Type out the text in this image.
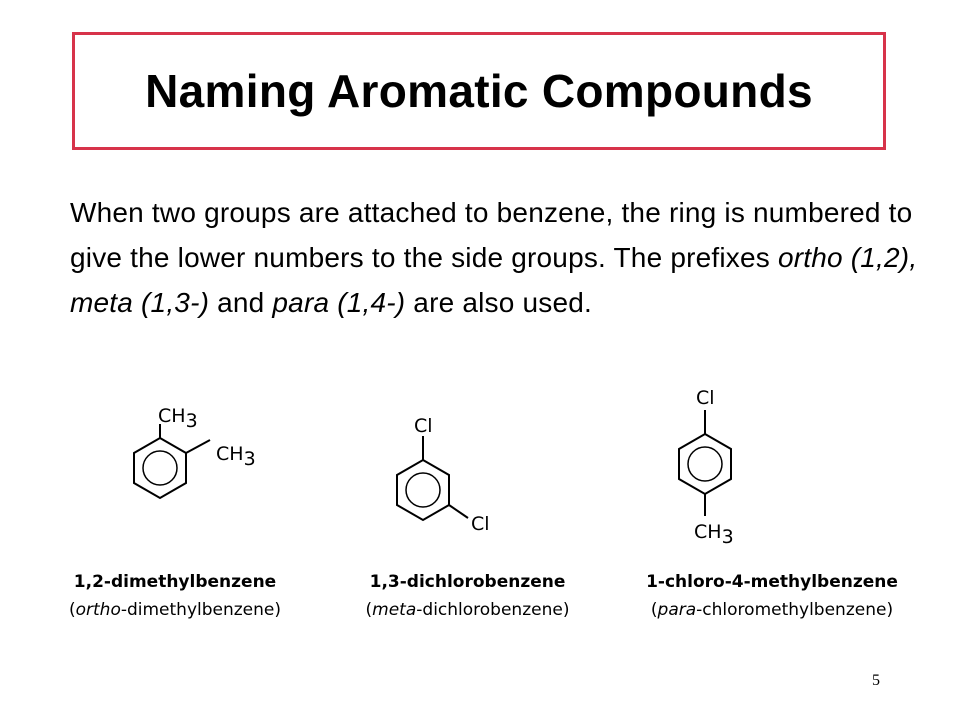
Naming Aromatic Compounds

When two groups are attached to benzene, the ring is numbered to give the lower numbers to the side groups. The prefixes ortho (1,2), meta (1,3-) and para (1,4-) are also used.

CH3
CH3
Cl
Cl
Cl
CH3
1,2-dimethylbenzene
(ortho-dimethylbenzene)
1,3-dichlorobenzene
(meta-dichlorobenzene)
1-chloro-4-methylbenzene
(para-chloromethylbenzene)
5
